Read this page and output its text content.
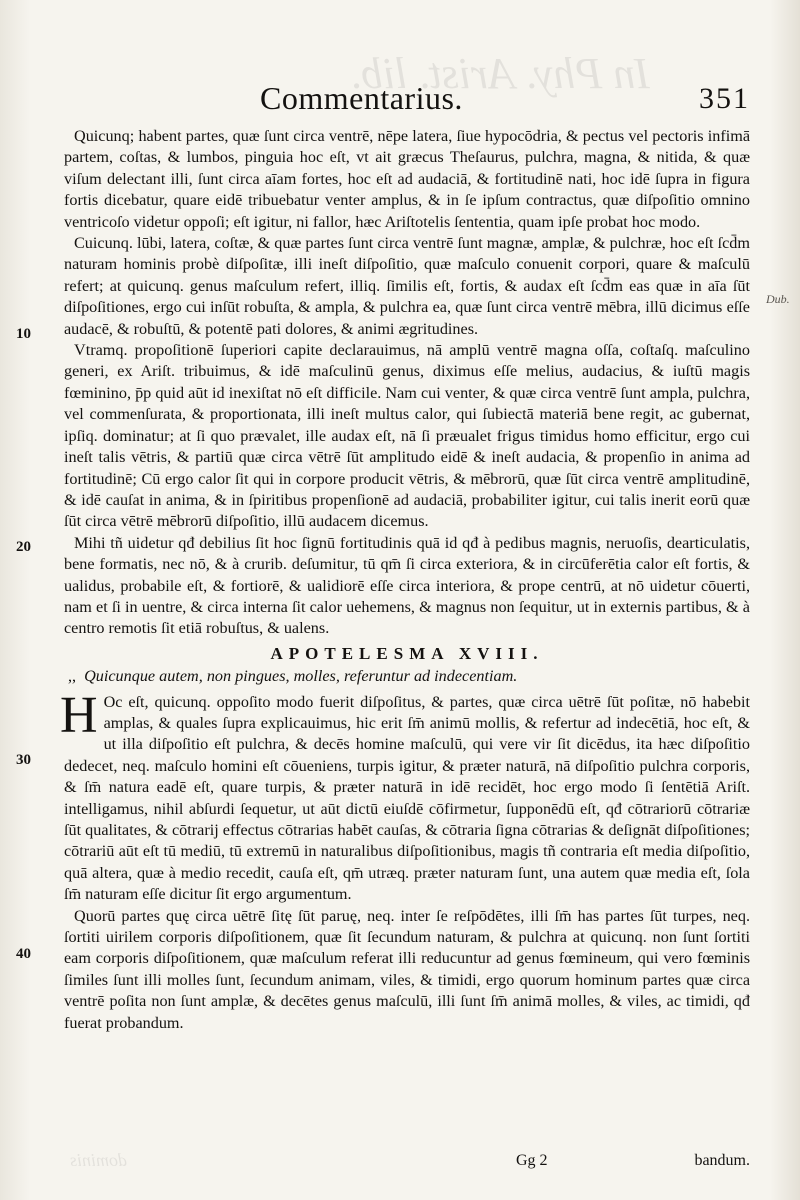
In Phy. Arist. lib.
dominis
Commentarius.	351
10
20
30
40
Dub.

Quicunq; habent partes, quæ ſunt circa ventrē, nēpe latera, ſiue hypocōdria, & pectus vel pectoris infimā partem, coſtas, & lumbos, pinguia hoc eſt, vt ait græcus Theſaurus, pulchra, magna, & nitida, & quæ viſum delectant illi, ſunt circa aīam fortes, hoc eſt ad audaciā, & fortitudinē nati, hoc idē ſupra in figura fortis dicebatur, quare eidē tribuebatur venter amplus, & in ſe ipſum contractus, quæ diſpoſitio omnino ventricoſo videtur oppoſi; eſt igitur, ni fallor, hæc Ariſtotelis ſententia, quam ipſe probat hoc modo.

Cuicunq. lūbi, latera, coſtæ, & quæ partes ſunt circa ventrē ſunt magnæ, amplæ, & pulchræ, hoc eſt ſcd̄m naturam hominis probè diſpoſitæ, illi ineſt diſpoſitio, quæ maſculo conuenit corpori, quare & maſculū refert; at quicunq. genus maſculum refert, illiq. ſimilis eſt, fortis, & audax eſt ſcd̄m eas quæ in aīa ſūt diſpoſitiones, ergo cui inſūt robuſta, & ampla, & pulchra ea, quæ ſunt circa ventrē mēbra, illū dicimus eſſe audacē, & robuſtū, & potentē pati dolores, & animi ægritudines.

Vtramq. propoſitionē ſuperiori capite declarauimus, nā amplū ventrē magna oſſa, coſtaſq. maſculino generi, ex Ariſt. tribuimus, & idē maſculinū genus, diximus eſſe melius, audacius, & iuſtū magis fœminino, p̄p quid aūt id inexiſtat nō eſt difficile. Nam cui venter, & quæ circa ventrē ſunt ampla, pulchra, vel commenſurata, & proportionata, illi ineſt multus calor, qui ſubiectā materiā bene regit, ac gubernat, ipſiq. dominatur; at ſi quo prævalet, ille audax eſt, nā ſi præualet frigus timidus homo efficitur, ergo cui ineſt talis vētris, & partiū quæ circa vētrē ſūt amplitudo eidē & ineſt audacia, & propenſio in anima ad fortitudinē; Cū ergo calor ſit qui in corpore producit vētris, & mēbrorū, quæ ſūt circa ventrē amplitudinē, & idē cauſat in anima, & in ſpiritibus propenſionē ad audaciā, probabiliter igitur, cui talis inerit eorū quæ ſūt circa vētrē mēbrorū diſpoſitio, illū audacem dicemus.

Mihi tñ uidetur qđ debilius ſit hoc ſignū fortitudinis quā id qđ à pedibus magnis, neruoſis, dearticulatis, bene formatis, nec nō, & à crurib. deſumitur, tū qm̄ ſi circa exteriora, & in circūferētia calor eſt fortis, & ualidus, probabile eſt, & fortiorē, & ualidiorē eſſe circa interiora, & prope centrū, at nō uidetur cōuerti, nam et ſi in uentre, & circa interna ſit calor uehemens, & magnus non ſequitur, ut in externis partibus, & à centro remotis ſit etiā robuſtus, & ualens.

APOTELESMA XVIII.
,, Quicunque autem, non pingues, molles, referuntur ad indecentiam.

H Oc eſt, quicunq. oppoſito modo fuerit diſpoſitus, & partes, quæ circa uētrē ſūt poſitæ, nō habebit amplas, & quales ſupra explicauimus, hic erit ſm̄ animū mollis, & refertur ad indecētiā, hoc eſt, & ut illa diſpoſitio eſt pulchra, & decēs homine maſculū, qui vere vir ſit dicēdus, ita hæc diſpoſitio dedecet, neq. maſculo homini eſt cōueniens, turpis igitur, & præter naturā, nā diſpoſitio pulchra corporis, & ſm̄ natura eadē eſt, quare turpis, & præter naturā in idē recidēt, hoc ergo modo ſi ſentētiā Ariſt. intelligamus, nihil abſurdi ſequetur, ut aūt dictū eiuſdē cōfirmetur, ſupponēdū eſt, qđ cōtrariorū cōtrariæ ſūt qualitates, & cōtrarij effectus cōtrarias habēt cauſas, & cōtraria ſigna cōtrarias & deſignāt diſpoſitiones; cōtrariū aūt eſt tū mediū, tū extremū in naturalibus diſpoſitionibus, magis tñ contraria eſt media diſpoſitio, quā altera, quæ à medio recedit, cauſa eſt, qm̄ utræq. præter naturam ſunt, una autem quæ media eſt, ſola ſm̄ naturam eſſe dicitur ſit ergo argumentum.

Quorū partes quę circa uētrē ſitę ſūt paruę, neq. inter ſe reſpōdētes, illi ſm̄ has partes ſūt turpes, neq. ſortiti uirilem corporis diſpoſitionem, quæ ſit ſecundum naturam, & pulchra at quicunq. non ſunt ſortiti eam corporis diſpoſitionem, quæ maſculum referat illi reducuntur ad genus fœmineum, qui vero fœminis ſimiles ſunt illi molles ſunt, ſecundum animam, viles, & timidi, ergo quorum hominum partes quæ circa ventrē poſita non ſunt amplæ, & decētes genus maſculū, illi ſunt ſm̄ animā molles, & viles, ac timidi, qđ fuerat probandum.

Gg 2	bandum.
